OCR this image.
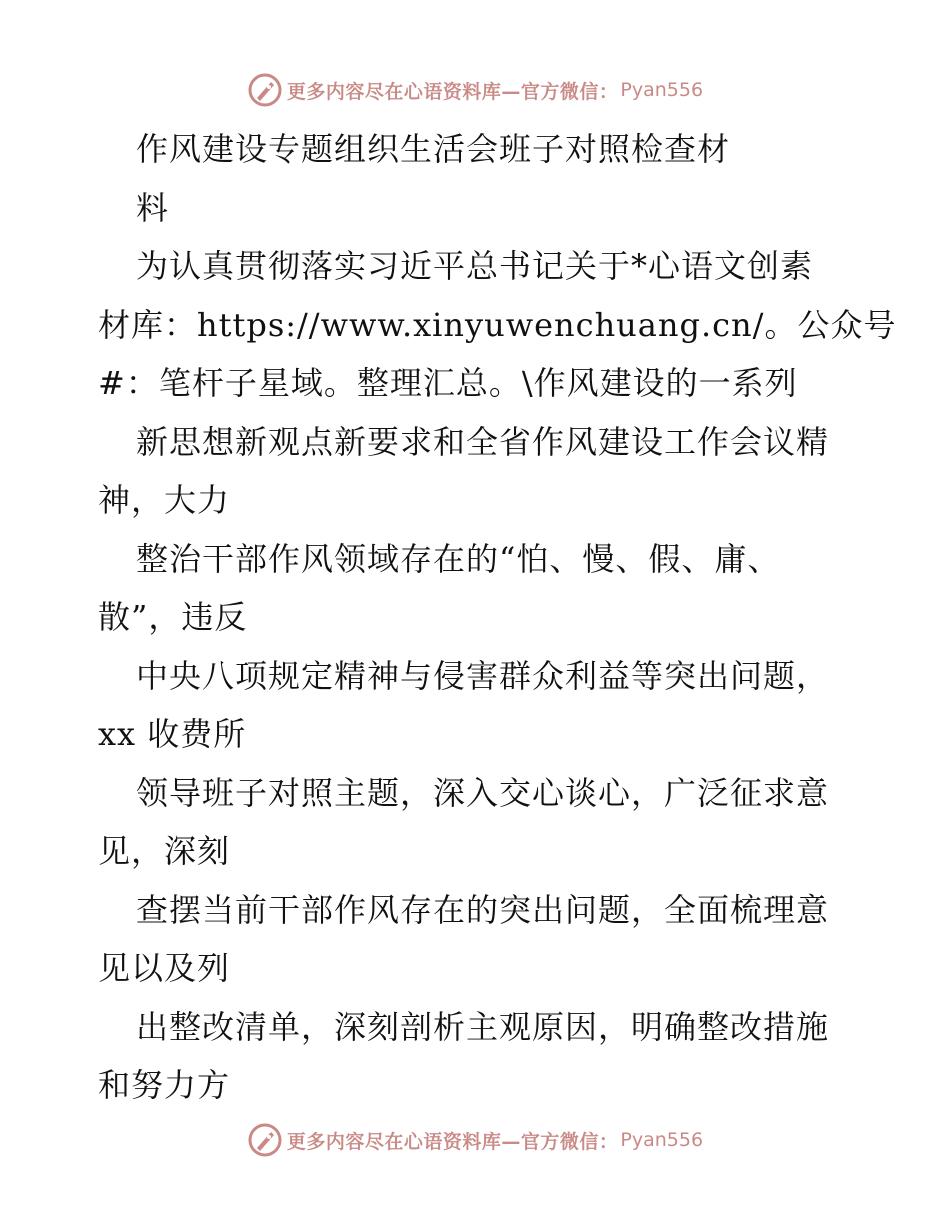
更多内容尽在心语资料库—官方微信： Pyan556
作风建设专题组织生活会班子对照检查材
料
为认真贯彻落实习近平总书记关于*心语文创素
材库：https://www.xinyuwenchuang.cn/。公众号
#：笔杆子星域。整理汇总。\作风建设的一系列
新思想新观点新要求和全省作风建设工作会议精
神，大力
整治干部作风领域存在的“怕、慢、假、庸、
散”，违反
中央八项规定精神与侵害群众利益等突出问题，
xx 收费所
领导班子对照主题，深入交心谈心，广泛征求意
见，深刻
查摆当前干部作风存在的突出问题，全面梳理意
见以及列
出整改清单，深刻剖析主观原因，明确整改措施
和努力方
更多内容尽在心语资料库—官方微信： Pyan556
